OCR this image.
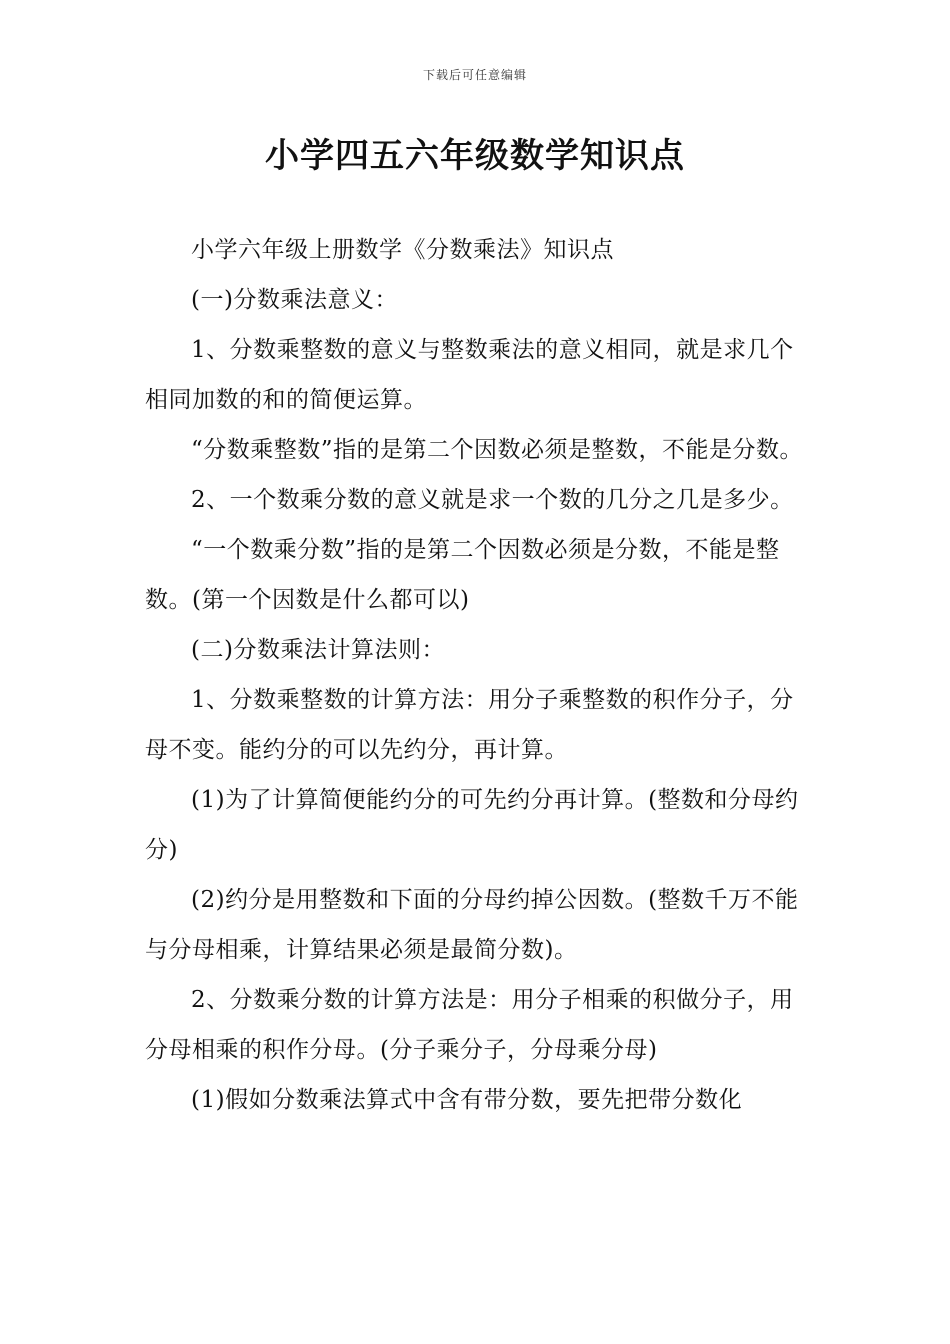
下载后可任意编辑
小学四五六年级数学知识点

小学六年级上册数学《分数乘法》知识点

(一)分数乘法意义：

1、分数乘整数的意义与整数乘法的意义相同，就是求几个相同加数的和的简便运算。

“分数乘整数”指的是第二个因数必须是整数，不能是分数。

2、一个数乘分数的意义就是求一个数的几分之几是多少。

“一个数乘分数”指的是第二个因数必须是分数，不能是整数。(第一个因数是什么都可以)

(二)分数乘法计算法则：

1、分数乘整数的计算方法：用分子乘整数的积作分子，分母不变。能约分的可以先约分，再计算。

(1)为了计算简便能约分的可先约分再计算。(整数和分母约分)

(2)约分是用整数和下面的分母约掉公因数。(整数千万不能与分母相乘，计算结果必须是最简分数)。

2、分数乘分数的计算方法是：用分子相乘的积做分子，用分母相乘的积作分母。(分子乘分子，分母乘分母)

(1)假如分数乘法算式中含有带分数，要先把带分数化
